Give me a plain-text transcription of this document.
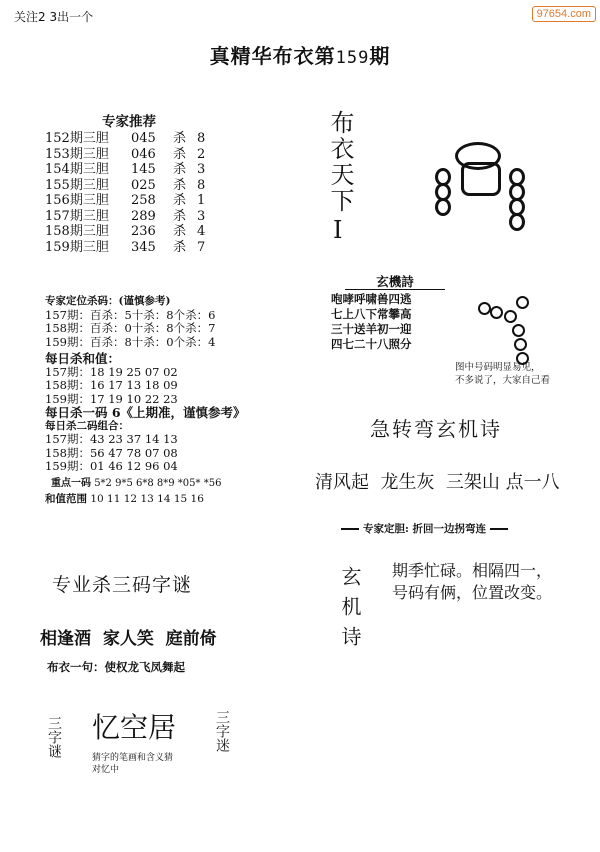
97654.com
关注2 3出一个
真精华布衣第159期
专家推荐
152期三胆	045	杀 8
153期三胆	046	杀 2
154期三胆	145	杀 3
155期三胆	025	杀 8
156期三胆	258	杀 1
157期三胆	289	杀 3
158期三胆	236	杀 4
159期三胆	345	杀 7
专家定位杀码：(谨慎参考)
157期：百杀：5十杀：8个杀：6
158期：百杀：0十杀：8个杀：7
159期：百杀：8十杀：0个杀：4
每日杀和值：
157期：18 19 25 07 02
158期：16 17 13 18 09
159期：17 19 10 22 23
每日杀一码 6《上期准，谨慎参考》
每日杀二码组合：
157期：43 23 37 14 13
158期：56 47 78 07 08
159期：01 46 12 96 04
重点一码 5*2 9*5 6*8 8*9 *05* *56
和值范围 10 11 12 13 14 15 16
布衣天下
I
玄機詩
咆哮呼啸兽四逃
七上八下常攀高
三十送羊初一迎
四七二十八照分
图中号码明显易见，
不多说了，大家自己看
急转弯玄机诗
清风起  龙生灰  三架山 点一八
专家定胆: 折回一边拐弯连
玄机诗 期季忙碌。相隔四一，
号码有俩，位置改变。
专业杀三码字谜
相逢酒  家人笑  庭前倚
布衣一句：使权龙飞凤舞起
三字谜 忆空居	三字迷
猜字的笔画和含义猜
对忆中
